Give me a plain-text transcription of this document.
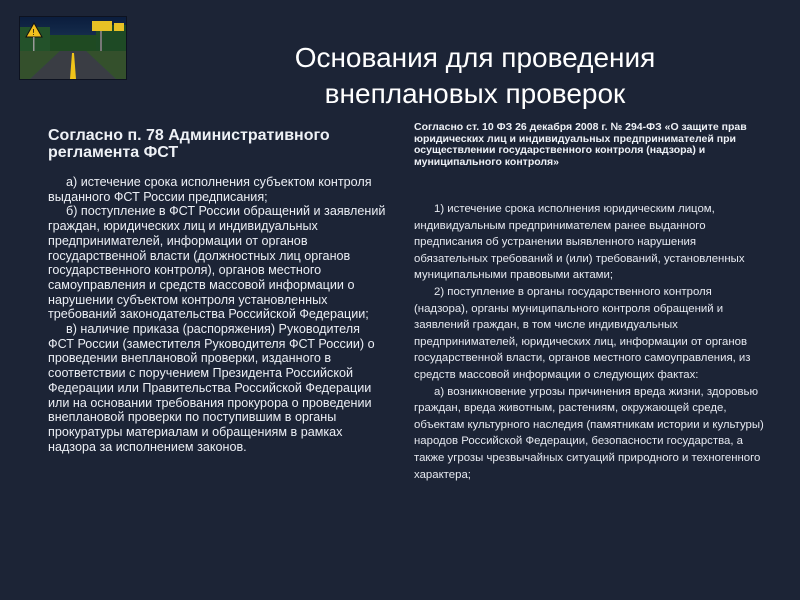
!
Основания для проведения
внеплановых проверок

Согласно п. 78 Административного регламента ФСТ

а) истечение срока исполнения субъектом контроля выданного ФСТ России предписания;

б) поступление в ФСТ России обращений и заявлений граждан, юридических лиц и индивидуальных предпринимателей, информации от органов государственной власти (должностных лиц органов государственного контроля), органов местного самоуправления и средств массовой информации о нарушении субъектом контроля установленных требований законодательства Российской Федерации;

в) наличие приказа (распоряжения) Руководителя ФСТ России (заместителя Руководителя ФСТ России) о проведении внеплановой проверки, изданного в соответствии с поручением Президента Российской Федерации или Правительства Российской Федерации или на основании требования прокурора о проведении внеплановой проверки по поступившим в органы прокуратуры материалам и обращениям в рамках надзора за исполнением законов.

Согласно ст. 10 ФЗ 26 декабря 2008 г. № 294-ФЗ «О защите прав юридических лиц и индивидуальных предпринимателей при осуществлении государственного контроля (надзора) и муниципального контроля»

1) истечение срока исполнения юридическим лицом, индивидуальным предпринимателем ранее выданного предписания об устранении выявленного нарушения обязательных требований и (или) требований, установленных муниципальными правовыми актами;

2) поступление в органы государственного контроля (надзора), органы муниципального контроля обращений и заявлений граждан, в том числе индивидуальных предпринимателей, юридических лиц, информации от органов государственной власти, органов местного самоуправления, из средств массовой информации о следующих фактах:

а) возникновение угрозы причинения вреда жизни, здоровью граждан, вреда животным, растениям, окружающей среде, объектам культурного наследия (памятникам истории и культуры) народов Российской Федерации, безопасности государства, а также угрозы чрезвычайных ситуаций природного и техногенного характера;
